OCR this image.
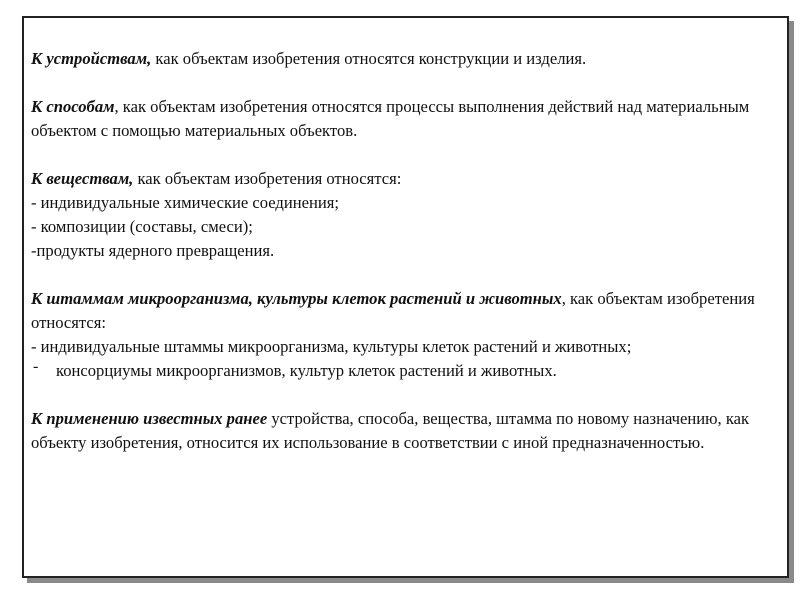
К устройствам, как объектам изобретения относятся конструкции и изделия.

К способам, как объектам изобретения относятся процессы выполнения действий над материальным объектом с помощью материальных объектов.

К веществам, как объектам изобретения относятся:

- индивидуальные химические соединения;
- композиции (составы, смеси);
-продукты ядерного превращения.

К штаммам микроорганизма, культуры клеток растений и животных, как объектам изобретения относятся:

- индивидуальные штаммы микроорганизма, культуры клеток растений и животных;
- консорциумы микроорганизмов, культур клеток растений и животных.

К применению известных ранее устройства, способа, вещества, штамма по новому назначению, как объекту изобретения, относится их использование в соответствии с иной предназначенностью.
